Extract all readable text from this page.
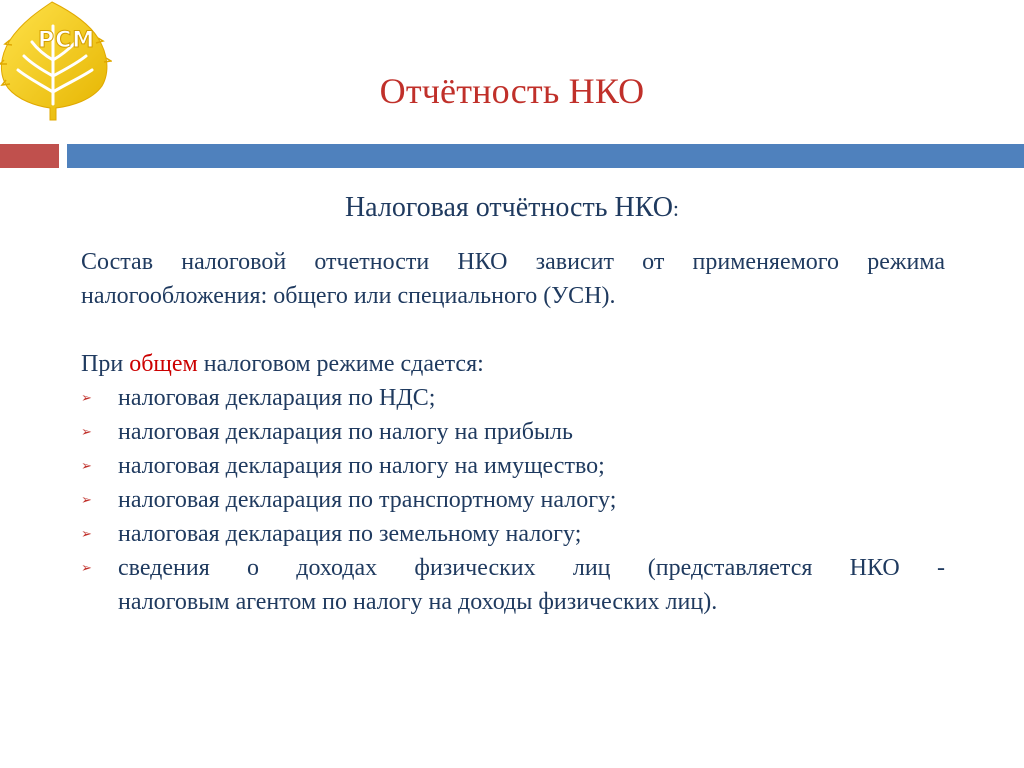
РСМ
Отчётность НКО
Налоговая отчётность НКО:

Состав налоговой отчетности НКО зависит от применяемого режима
налогообложения: общего или специального (УСН).

При общем налоговом режиме сдается:

➢ налоговая декларация по НДС;
➢ налоговая декларация по налогу на прибыль
➢ налоговая декларация по налогу на имущество;
➢ налоговая декларация по транспортному налогу;
➢ налоговая декларация по земельному налогу;
➢ сведения о доходах физических лиц (представляется НКО -
налоговым агентом по налогу на доходы физических лиц).
